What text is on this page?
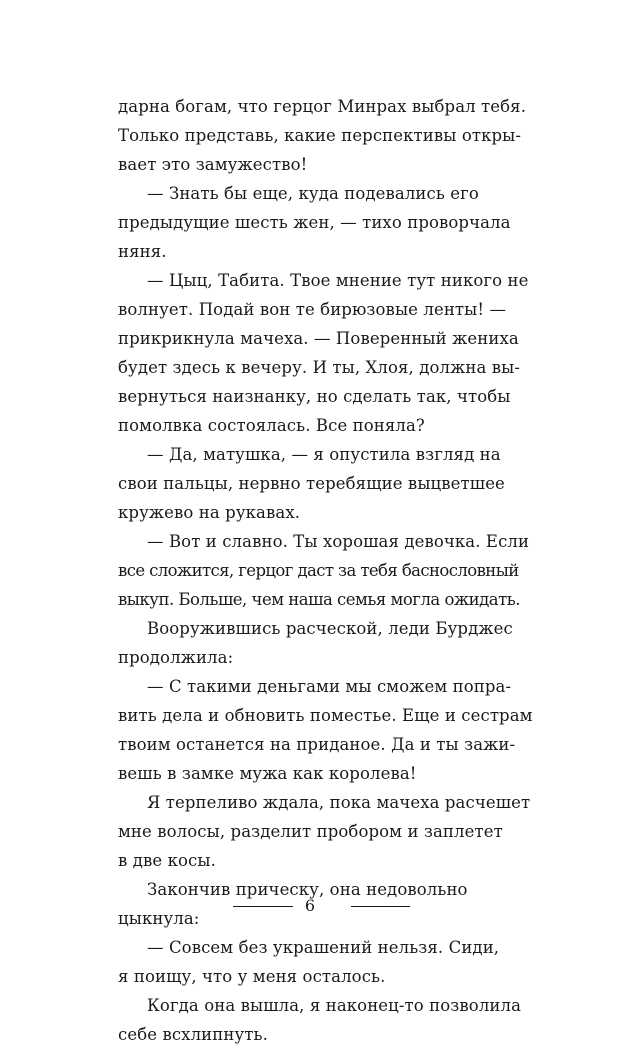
дарна богам, что герцог Минрах выбрал тебя.
Только представь, какие перспективы откры-
вает это замужество!
— Знать бы еще, куда подевались его
предыдущие шесть жен, — тихо проворчала
няня.
— Цыц, Табита. Твое мнение тут никого не
волнует. Подай вон те бирюзовые ленты! —
прикрикнула мачеха. — Поверенный жениха
будет здесь к вечеру. И ты, Хлоя, должна вы-
вернуться наизнанку, но сделать так, чтобы
помолвка состоялась. Все поняла?
— Да, матушка, — я опустила взгляд на
свои пальцы, нервно теребящие выцветшее
кружево на рукавах.
— Вот и славно. Ты хорошая девочка. Если
все сложится, герцог даст за тебя баснословный
выкуп. Больше, чем наша семья могла ожидать.
Вооружившись расческой, леди Бурджес
продолжила:
— С такими деньгами мы сможем попра-
вить дела и обновить поместье. Еще и сестрам
твоим останется на приданое. Да и ты зажи-
вешь в замке мужа как королева!
Я терпеливо ждала, пока мачеха расчешет
мне волосы, разделит пробором и заплетет
в две косы.
Закончив прическу, она недовольно
цыкнула:
— Совсем без украшений нельзя. Сиди,
я поищу, что у меня осталось.
Когда она вышла, я наконец-то позволила
себе всхлипнуть.
6
